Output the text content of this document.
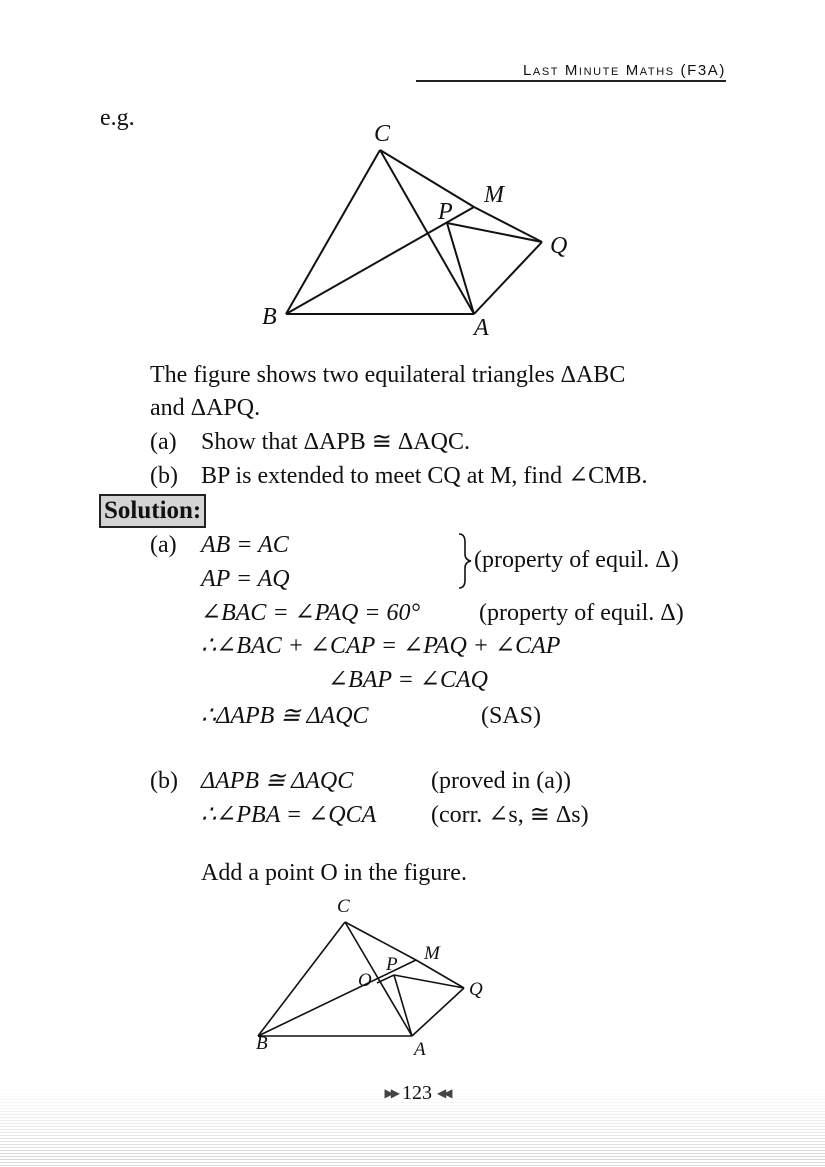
Last Minute Maths (F3A)
e.g.
C
M
P
Q
B	A
The figure shows two equilateral triangles ΔABC
and ΔAPQ.
(a) Show that ΔAPB ≅ ΔAQC.
(b) BP is extended to meet CQ at M, find ∠CMB.
Solution:
(a) AB = AC
AP = AQ
(property of equil. Δ)
∠BAC = ∠PAQ = 60° (property of equil. Δ)
∴∠BAC + ∠CAP = ∠PAQ + ∠CAP
∠BAP = ∠CAQ
∴ΔAPB ≅ ΔAQC	(SAS)
(b) ΔAPB ≅ ΔAQC	(proved in (a))
∴∠PBA = ∠QCA (corr. ∠s, ≅ Δs)
Add a point O in the figure.
C
M
P
O	Q
B	A
▶▶ 123 ◀◀
